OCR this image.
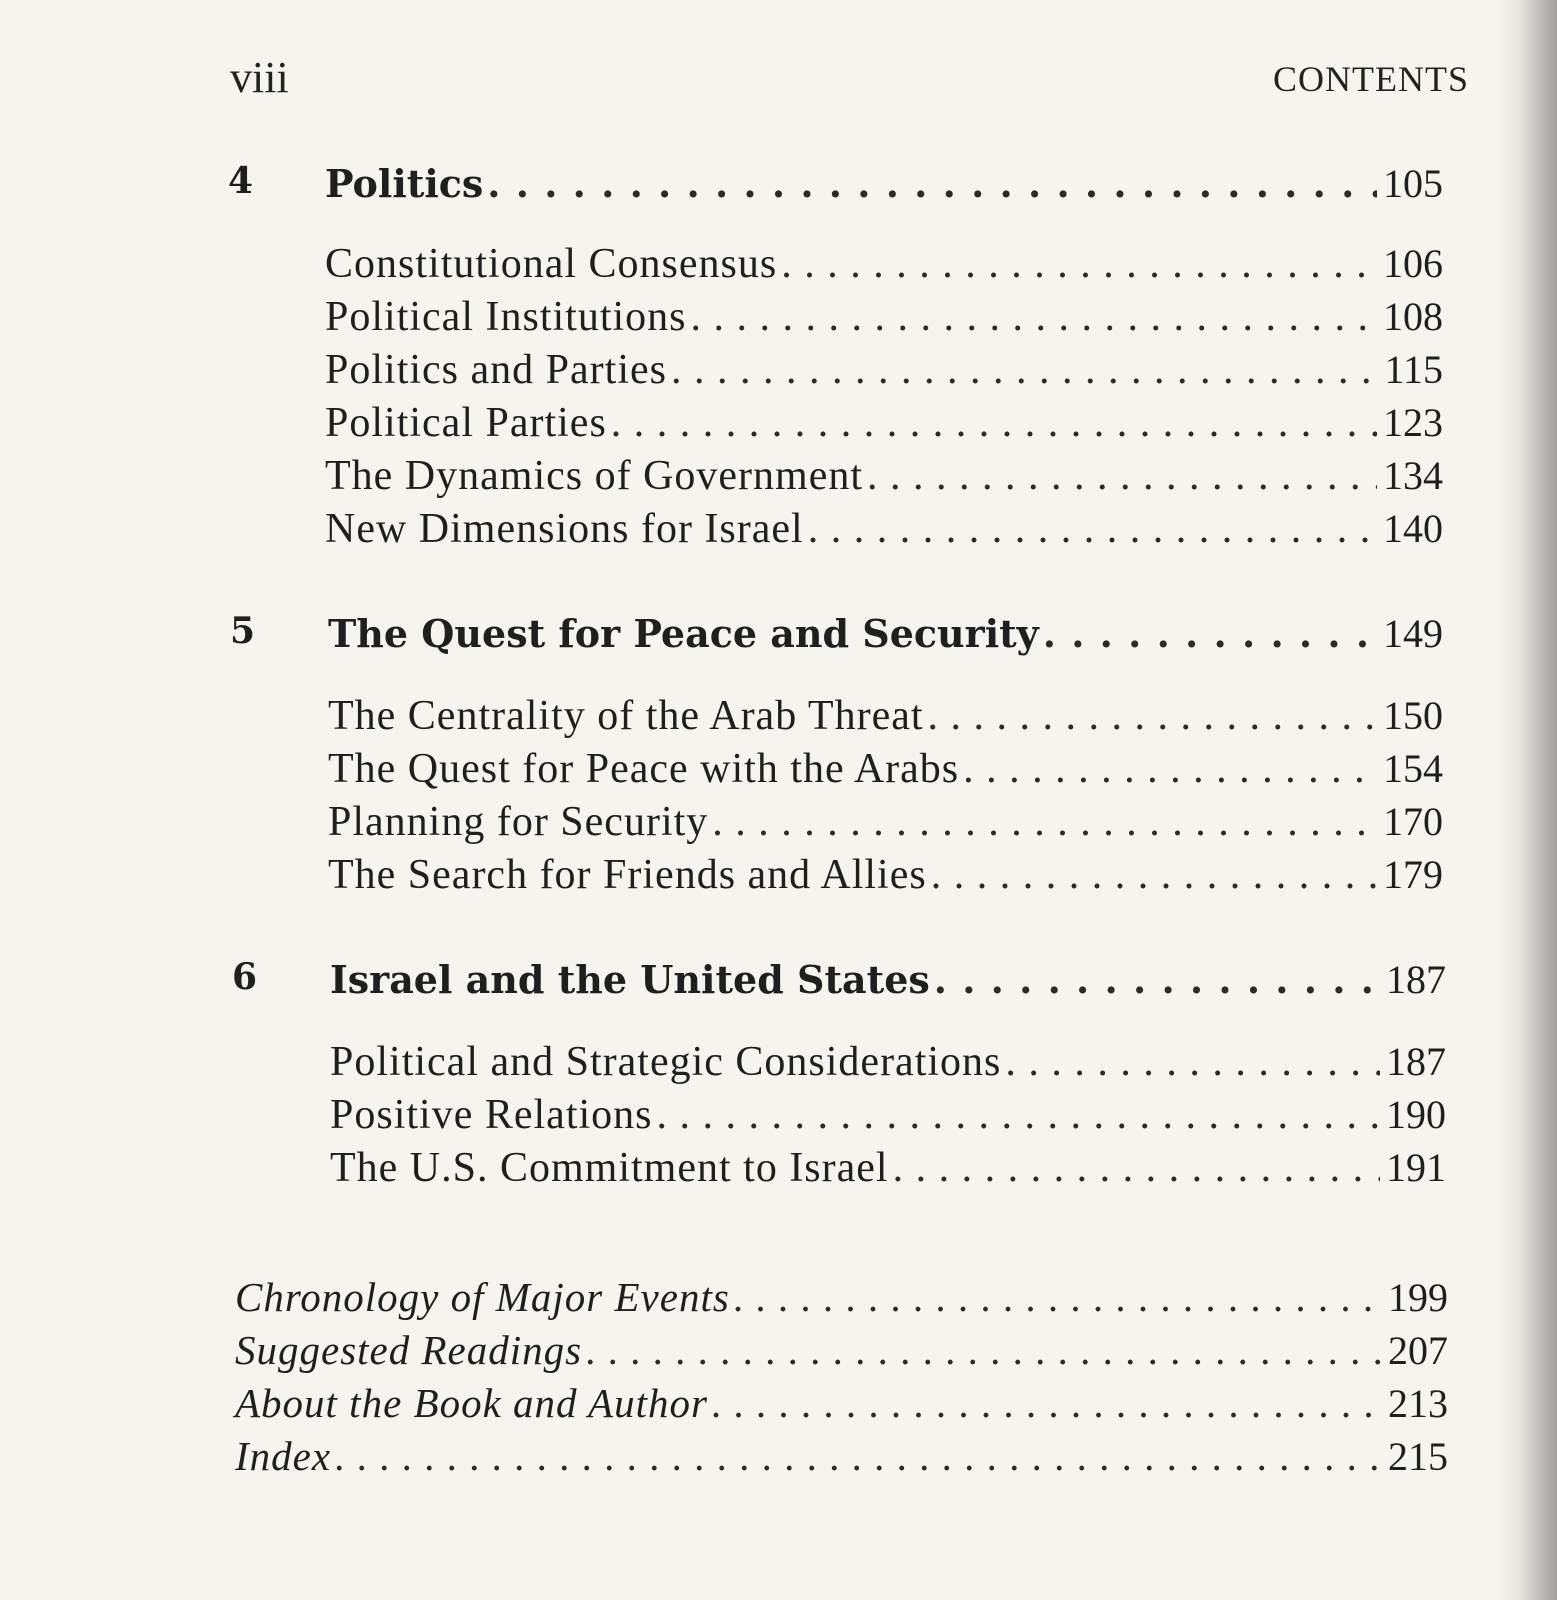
viii	CONTENTS
4 Politics . . .	105
Constitutional Consensus . . .	106
Political Institutions . . .	108
Politics and Parties . . .	115
Political Parties . . .	123
The Dynamics of Government . . .	134
New Dimensions for Israel . . .	140
5 The Quest for Peace and Security . . .	149
The Centrality of the Arab Threat . . .	150
The Quest for Peace with the Arabs . . .	154
Planning for Security . . .	170
The Search for Friends and Allies . . .	179
6 Israel and the United States . . .	187
Political and Strategic Considerations . . .	187
Positive Relations . . .	190
The U.S. Commitment to Israel . . .	191
Chronology of Major Events . . .	199
Suggested Readings . . .	207
About the Book and Author . . .	213
Index . . .	215
